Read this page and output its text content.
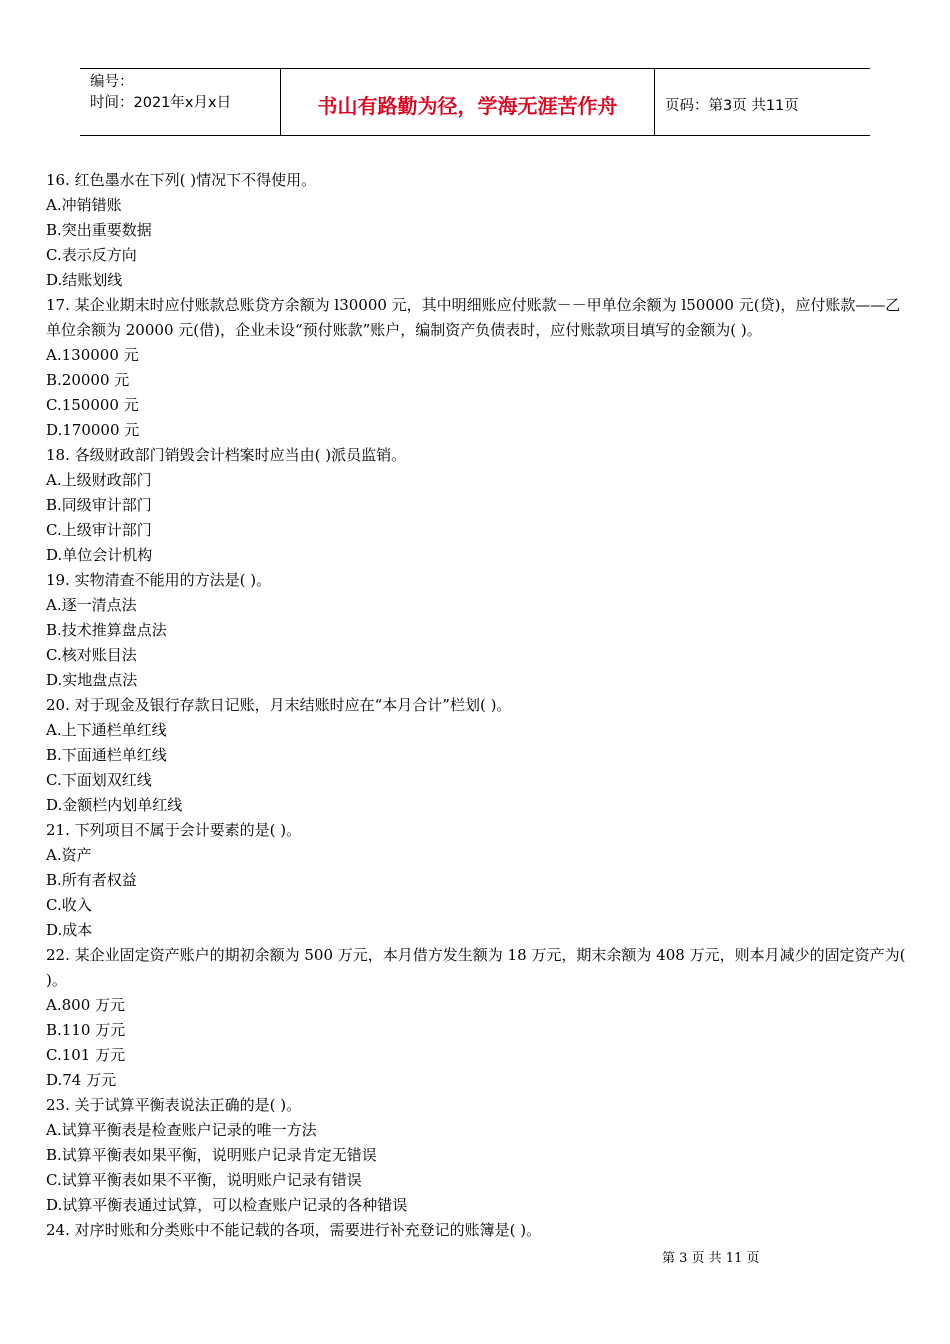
编号：
时间：2021年x月x日	书山有路勤为径，学海无涯苦作舟	页码：第3页 共11页
16. 红色墨水在下列( )情况下不得使用。
A.冲销错账
B.突出重要数据
C.表示反方向
D.结账划线
17. 某企业期末时应付账款总账贷方余额为 l30000 元，其中明细账应付账款－－甲单位余额为 l50000 元(贷)，应付账款——乙单位余额为 20000 元(借)，企业未设“预付账款”账户，编制资产负债表时，应付账款项目填写的金额为( )。
A.130000 元
B.20000 元
C.150000 元
D.170000 元
18. 各级财政部门销毁会计档案时应当由( )派员监销。
A.上级财政部门
B.同级审计部门
C.上级审计部门
D.单位会计机构
19. 实物清查不能用的方法是( )。
A.逐一清点法
B.技术推算盘点法
C.核对账目法
D.实地盘点法
20. 对于现金及银行存款日记账，月末结账时应在“本月合计”栏划( )。
A.上下通栏单红线
B.下面通栏单红线
C.下面划双红线
D.金额栏内划单红线
21. 下列项目不属于会计要素的是( )。
A.资产
B.所有者权益
C.收入
D.成本
22. 某企业固定资产账户的期初余额为 500 万元，本月借方发生额为 18 万元，期末余额为 408 万元，则本月减少的固定资产为( )。
A.800 万元
B.110 万元
C.101 万元
D.74 万元
23. 关于试算平衡表说法正确的是( )。
A.试算平衡表是检查账户记录的唯一方法
B.试算平衡表如果平衡，说明账户记录肯定无错误
C.试算平衡表如果不平衡，说明账户记录有错误
D.试算平衡表通过试算，可以检查账户记录的各种错误
24. 对序时账和分类账中不能记载的各项，需要进行补充登记的账簿是( )。
第 3 页 共 11 页
